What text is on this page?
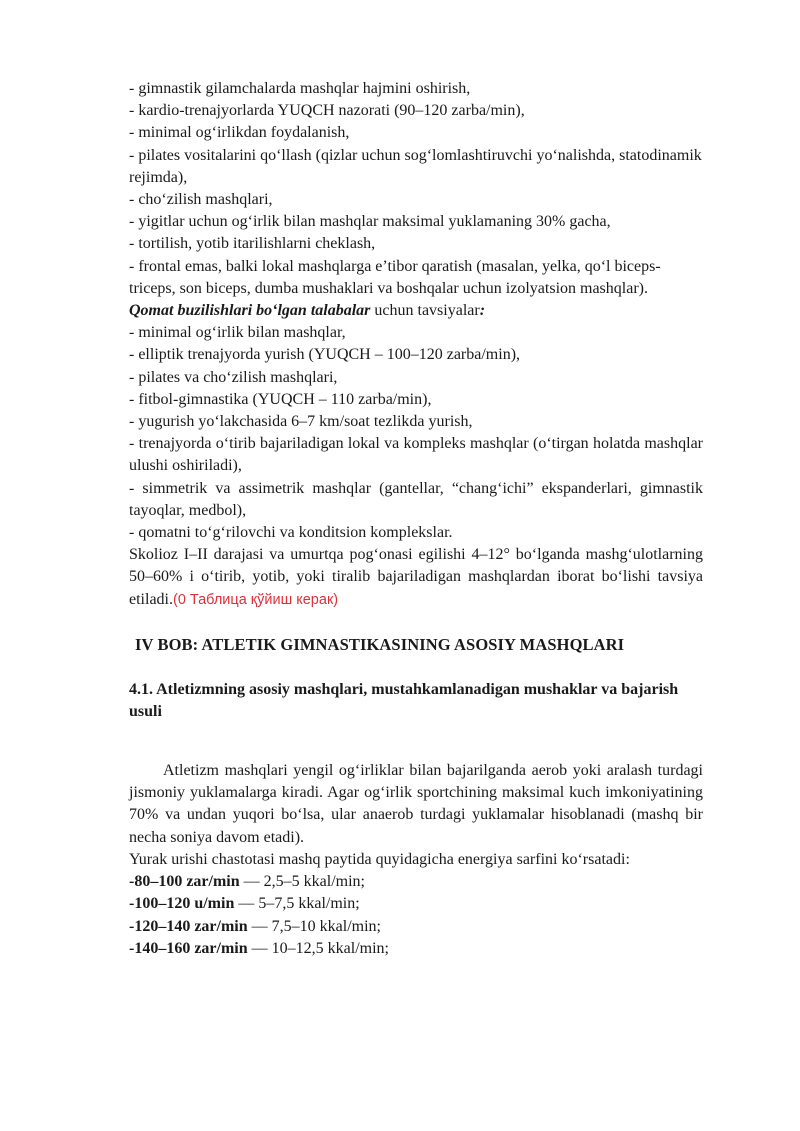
- gimnastik gilamchalarda mashqlar hajmini oshirish,

- kardio-trenajyorlarda YUQCH nazorati (90–120 zarba/min),

- minimal og‘irlikdan foydalanish,

- pilates vositalarini qo‘llash (qizlar uchun sog‘lomlashtiruvchi yo‘nalishda, statodinamik rejimda),

- cho‘zilish mashqlari,

- yigitlar uchun og‘irlik bilan mashqlar maksimal yuklamaning 30% gacha,

- tortilish, yotib itarilishlarni cheklash,

- frontal emas, balki lokal mashqlarga e’tibor qaratish (masalan, yelka, qo‘l biceps-triceps, son biceps, dumba mushaklari va boshqalar uchun izolyatsion mashqlar).

Qomat buzilishlari bo‘lgan talabalar uchun tavsiyalar:

- minimal og‘irlik bilan mashqlar,

- elliptik trenajyorda yurish (YUQCH – 100–120 zarba/min),

- pilates va cho‘zilish mashqlari,

- fitbol-gimnastika (YUQCH – 110 zarba/min),

- yugurish yo‘lakchasida 6–7 km/soat tezlikda yurish,

- trenajyorda o‘tirib bajariladigan lokal va kompleks mashqlar (o‘tirgan holatda mashqlar ulushi oshiriladi),

- simmetrik va assimetrik mashqlar (gantellar, “chang‘ichi” ekspanderlari, gimnastik tayoqlar, medbol),

- qomatni to‘g‘rilovchi va konditsion komplekslar.

Skolioz I–II darajasi va umurtqa pog‘onasi egilishi 4–12° bo‘lganda mashg‘ulotlarning 50–60% i o‘tirib, yotib, yoki tiralib bajariladigan mashqlardan iborat bo‘lishi tavsiya etiladi.(0 Таблица қўйиш керак)

IV BOB: ATLETIK GIMNASTIKASINING ASOSIY MASHQLARI

4.1. Atletizmning asosiy mashqlari, mustahkamlanadigan mushaklar va bajarish usuli

Atletizm mashqlari yengil og‘irliklar bilan bajarilganda aerob yoki aralash turdagi jismoniy yuklamalarga kiradi. Agar og‘irlik sportchining maksimal kuch imkoniyatining 70% va undan yuqori bo‘lsa, ular anaerob turdagi yuklamalar hisoblanadi (mashq bir necha soniya davom etadi).

Yurak urishi chastotasi mashq paytida quyidagicha energiya sarfini ko‘rsatadi:

-80–100 zar/min — 2,5–5 kkal/min;

-100–120 u/min — 5–7,5 kkal/min;

-120–140 zar/min — 7,5–10 kkal/min;

-140–160 zar/min — 10–12,5 kkal/min;
